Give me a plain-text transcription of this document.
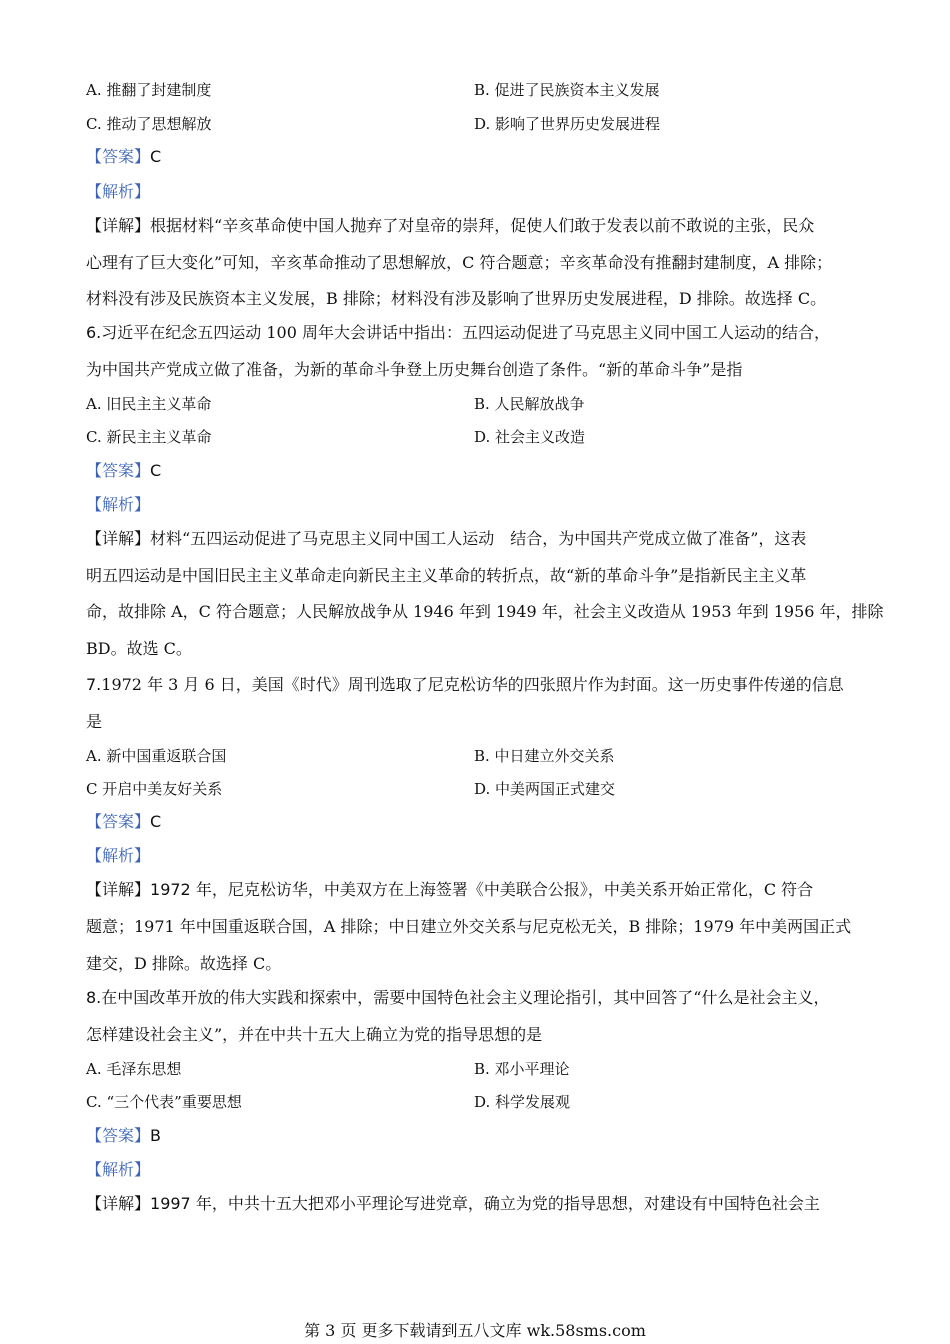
A. 推翻了封建制度	B. 促进了民族资本主义发展
C. 推动了思想解放	D. 影响了世界历史发展进程
【答案】C
【解析】
【详解】根据材料“辛亥革命使中国人抛弃了对皇帝的崇拜，促使人们敢于发表以前不敢说的主张，民众
心理有了巨大变化”可知，辛亥革命推动了思想解放，C 符合题意；辛亥革命没有推翻封建制度，A 排除；
材料没有涉及民族资本主义发展，B 排除；材料没有涉及影响了世界历史发展进程，D 排除。故选择 C。
6.习近平在纪念五四运动 100 周年大会讲话中指出：五四运动促进了马克思主义同中国工人运动的结合，
为中国共产党成立做了准备，为新的革命斗争登上历史舞台创造了条件。“新的革命斗争”是指
A. 旧民主主义革命	B. 人民解放战争
C. 新民主主义革命	D. 社会主义改造
【答案】C
【解析】
【详解】材料“五四运动促进了马克思主义同中国工人运动　结合，为中国共产党成立做了准备”，这表
明五四运动是中国旧民主主义革命走向新民主主义革命的转折点，故“新的革命斗争”是指新民主主义革
命，故排除 A，C 符合题意；人民解放战争从 1946 年到 1949 年，社会主义改造从 1953 年到 1956 年，排除
BD。故选 C。
7.1972 年 3 月 6 日，美国《时代》周刊选取了尼克松访华的四张照片作为封面。这一历史事件传递的信息
是
A. 新中国重返联合国	B. 中日建立外交关系
C 开启中美友好关系	D. 中美两国正式建交
【答案】C
【解析】
【详解】1972 年，尼克松访华，中美双方在上海签署《中美联合公报》，中美关系开始正常化，C 符合
题意；1971 年中国重返联合国，A 排除；中日建立外交关系与尼克松无关，B 排除；1979 年中美两国正式
建交，D 排除。故选择 C。
8.在中国改革开放的伟大实践和探索中，需要中国特色社会主义理论指引，其中回答了“什么是社会主义，
怎样建设社会主义”，并在中共十五大上确立为党的指导思想的是
A. 毛泽东思想	B. 邓小平理论
C. “三个代表”重要思想	D. 科学发展观
【答案】B
【解析】
【详解】1997 年，中共十五大把邓小平理论写进党章，确立为党的指导思想，对建设有中国特色社会主
第 3 页 更多下载请到五八文库 wk.58sms.com
